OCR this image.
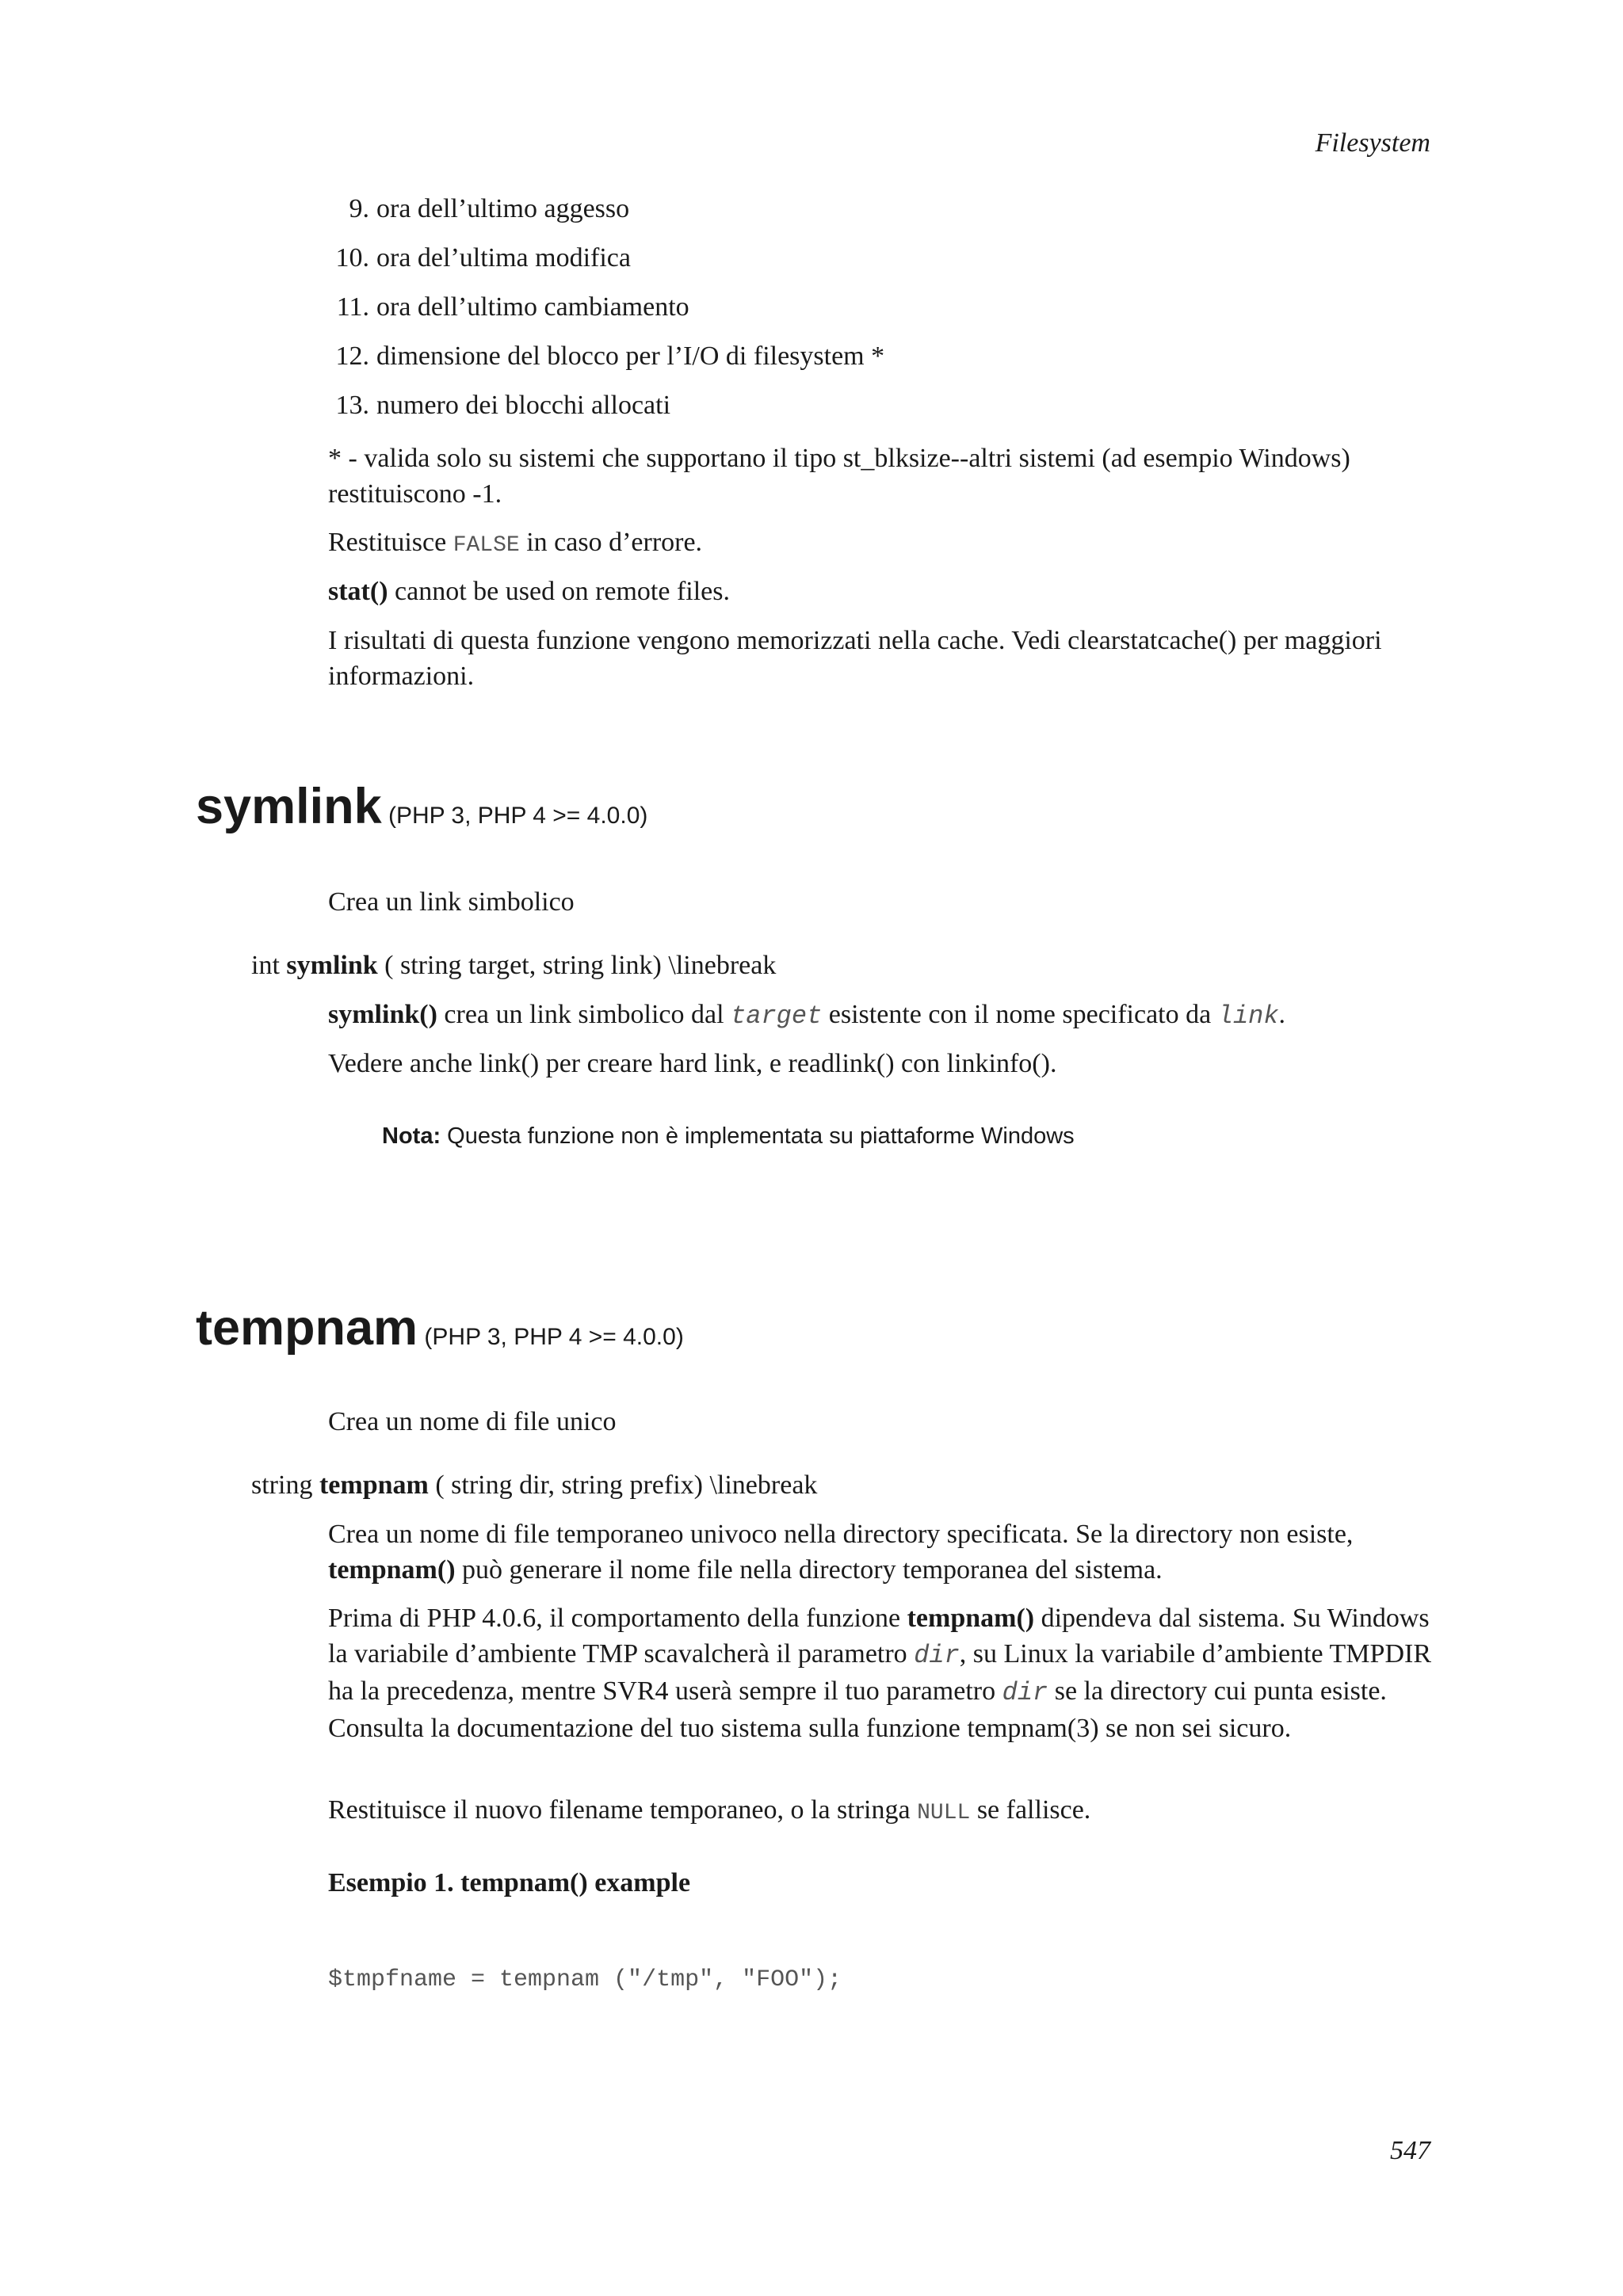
Filesystem
9. ora dell’ultimo aggesso
10. ora del’ultima modifica
11. ora dell’ultimo cambiamento
12. dimensione del blocco per l’I/O di filesystem *
13. numero dei blocchi allocati

* - valida solo su sistemi che supportano il tipo st_blksize--altri sistemi (ad esempio Windows) restituiscono -1.

Restituisce FALSE in caso d’errore.

stat() cannot be used on remote files.

I risultati di questa funzione vengono memorizzati nella cache. Vedi clearstatcache() per maggiori informazioni.

symlink (PHP 3, PHP 4 >= 4.0.0)

Crea un link simbolico

int symlink ( string target, string link) \linebreak

symlink() crea un link simbolico dal target esistente con il nome specificato da link.

Vedere anche link() per creare hard link, e readlink() con linkinfo().

Nota: Questa funzione non è implementata su piattaforme Windows
tempnam (PHP 3, PHP 4 >= 4.0.0)

Crea un nome di file unico

string tempnam ( string dir, string prefix) \linebreak

Crea un nome di file temporaneo univoco nella directory specificata. Se la directory non esiste, tempnam() può generare il nome file nella directory temporanea del sistema.

Prima di PHP 4.0.6, il comportamento della funzione tempnam() dipendeva dal sistema. Su Windows la variabile d’ambiente TMP scavalcherà il parametro dir, su Linux la variabile d’ambiente TMPDIR ha la precedenza, mentre SVR4 userà sempre il tuo parametro dir se la directory cui punta esiste. Consulta la documentazione del tuo sistema sulla funzione tempnam(3) se non sei sicuro.

Restituisce il nuovo filename temporaneo, o la stringa NULL se fallisce.

Esempio 1. tempnam() example
$tmpfname = tempnam ("/tmp", "FOO");
547
